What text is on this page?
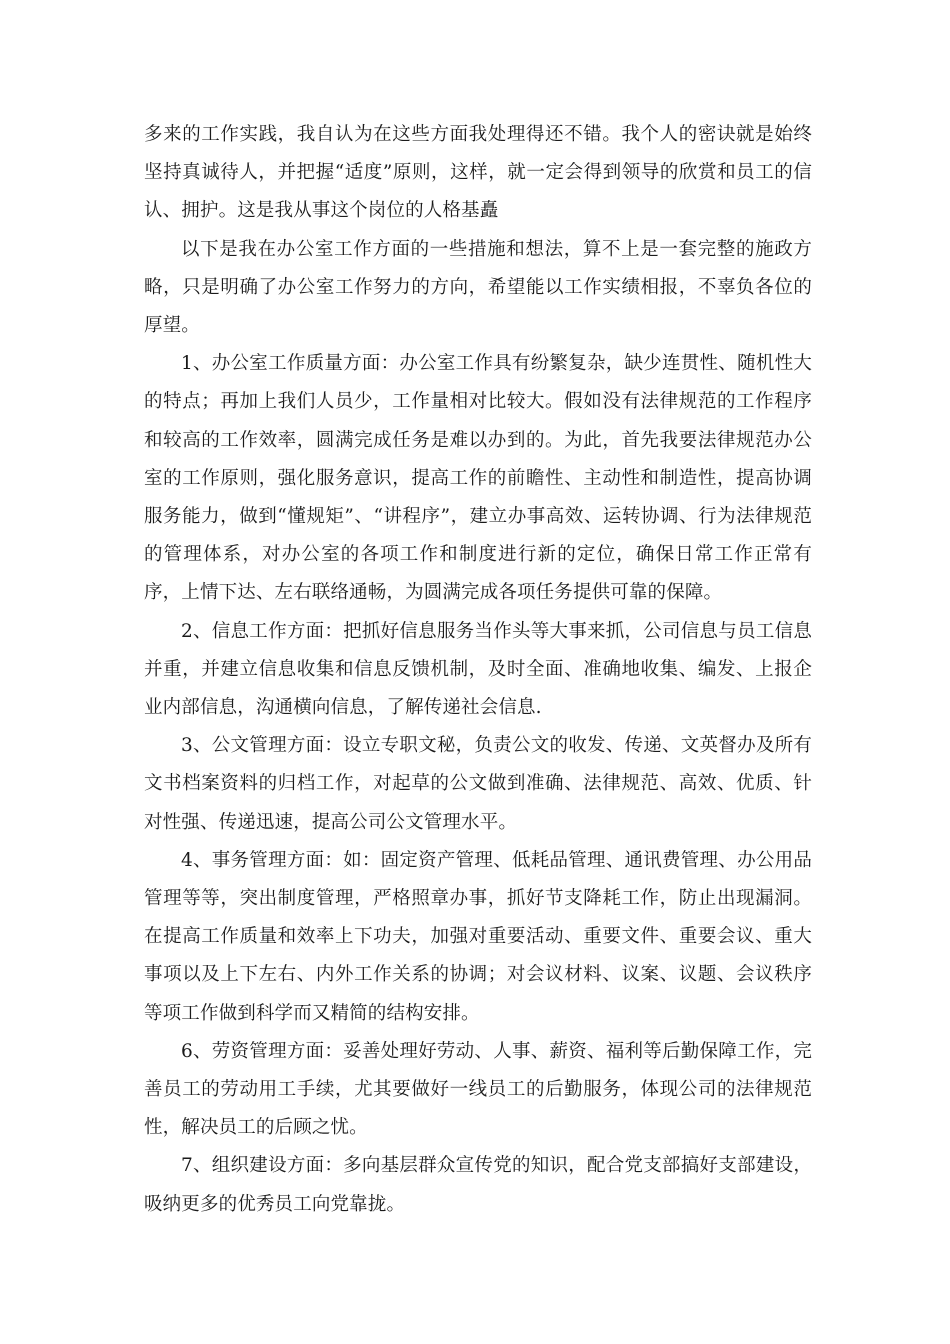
多来的工作实践，我自认为在这些方面我处理得还不错。我个人的密诀就是始终坚持真诚待人，并把握“适度”原则，这样，就一定会得到领导的欣赏和员工的信认、拥护。这是我从事这个岗位的人格基矗

以下是我在办公室工作方面的一些措施和想法，算不上是一套完整的施政方略，只是明确了办公室工作努力的方向，希望能以工作实绩相报，不辜负各位的厚望。

1、办公室工作质量方面：办公室工作具有纷繁复杂，缺少连贯性、随机性大的特点；再加上我们人员少，工作量相对比较大。假如没有法律规范的工作程序和较高的工作效率，圆满完成任务是难以办到的。为此，首先我要法律规范办公室的工作原则，强化服务意识，提高工作的前瞻性、主动性和制造性，提高协调服务能力，做到“懂规矩”、“讲程序”，建立办事高效、运转协调、行为法律规范的管理体系，对办公室的各项工作和制度进行新的定位，确保日常工作正常有序，上情下达、左右联络通畅，为圆满完成各项任务提供可靠的保障。

2、信息工作方面：把抓好信息服务当作头等大事来抓，公司信息与员工信息并重，并建立信息收集和信息反馈机制，及时全面、准确地收集、编发、上报企业内部信息，沟通横向信息，了解传递社会信息.

3、公文管理方面：设立专职文秘，负责公文的收发、传递、文英督办及所有文书档案资料的归档工作，对起草的公文做到准确、法律规范、高效、优质、针对性强、传递迅速，提高公司公文管理水平。

4、事务管理方面：如：固定资产管理、低耗品管理、通讯费管理、办公用品管理等等，突出制度管理，严格照章办事，抓好节支降耗工作，防止出现漏洞。在提高工作质量和效率上下功夫，加强对重要活动、重要文件、重要会议、重大事项以及上下左右、内外工作关系的协调；对会议材料、议案、议题、会议秩序等项工作做到科学而又精简的结构安排。

6、劳资管理方面：妥善处理好劳动、人事、薪资、福利等后勤保障工作，完善员工的劳动用工手续，尤其要做好一线员工的后勤服务，体现公司的法律规范性，解决员工的后顾之忧。

7、组织建设方面：多向基层群众宣传党的知识，配合党支部搞好支部建设，吸纳更多的优秀员工向党靠拢。
